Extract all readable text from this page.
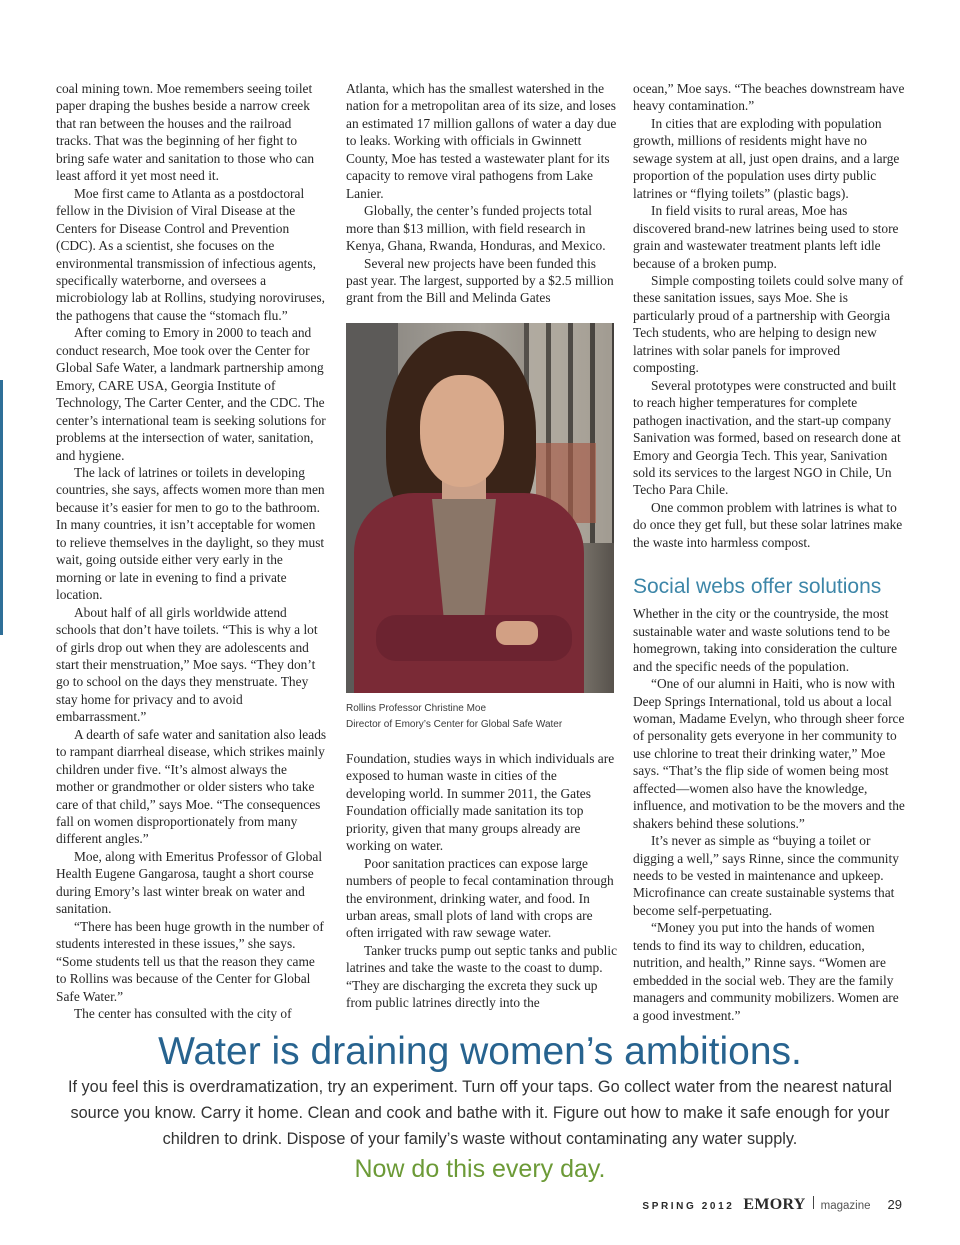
coal mining town. Moe remembers seeing toilet paper draping the bushes beside a narrow creek that ran between the houses and the railroad tracks. That was the beginning of her fight to bring safe water and sanitation to those who can least afford it yet most need it.

Moe first came to Atlanta as a postdoctoral fellow in the Division of Viral Disease at the Centers for Disease Control and Prevention (CDC). As a scientist, she focuses on the environmental transmission of infectious agents, specifically waterborne, and oversees a microbiology lab at Rollins, studying noroviruses, the pathogens that cause the “stomach flu.”

After coming to Emory in 2000 to teach and conduct research, Moe took over the Center for Global Safe Water, a landmark partnership among Emory, CARE USA, Georgia Institute of Technology, The Carter Center, and the CDC. The center’s international team is seeking solutions for problems at the intersection of water, sanitation, and hygiene.

The lack of latrines or toilets in developing countries, she says, affects women more than men because it’s easier for men to go to the bathroom. In many countries, it isn’t acceptable for women to relieve themselves in the daylight, so they must wait, going outside either very early in the morning or late in evening to find a private location.

About half of all girls worldwide attend schools that don’t have toilets. “This is why a lot of girls drop out when they are adolescents and start their menstruation,” Moe says. “They don’t go to school on the days they menstruate. They stay home for privacy and to avoid embarrassment.”

A dearth of safe water and sanitation also leads to rampant diarrheal disease, which strikes mainly children under five. “It’s almost always the mother or grandmother or older sisters who take care of that child,” says Moe. “The consequences fall on women disproportionately from many different angles.”

Moe, along with Emeritus Professor of Global Health Eugene Gangarosa, taught a short course during Emory’s last winter break on water and sanitation.

“There has been huge growth in the number of students interested in these issues,” she says. “Some students tell us that the reason they came to Rollins was because of the Center for Global Safe Water.”

The center has consulted with the city of

Atlanta, which has the smallest watershed in the nation for a metropolitan area of its size, and loses an estimated 17 million gallons of water a day due to leaks. Working with officials in Gwinnett County, Moe has tested a wastewater plant for its capacity to remove viral pathogens from Lake Lanier.

Globally, the center’s funded projects total more than $13 million, with field research in Kenya, Ghana, Rwanda, Honduras, and Mexico.

Several new projects have been funded this past year. The largest, supported by a $2.5 million grant from the Bill and Melinda Gates

Rollins Professor Christine Moe
Director of Emory’s Center for Global Safe Water

Foundation, studies ways in which individuals are exposed to human waste in cities of the developing world. In summer 2011, the Gates Foundation officially made sanitation its top priority, given that many groups already are working on water.

Poor sanitation practices can expose large numbers of people to fecal contamination through the environment, drinking water, and food. In urban areas, small plots of land with crops are often irrigated with raw sewage water.

Tanker trucks pump out septic tanks and public latrines and take the waste to the coast to dump. “They are discharging the excreta they suck up from public latrines directly into the

ocean,” Moe says. “The beaches downstream have heavy contamination.”

In cities that are exploding with population growth, millions of residents might have no sewage system at all, just open drains, and a large proportion of the population uses dirty public latrines or “flying toilets” (plastic bags).

In field visits to rural areas, Moe has discovered brand-new latrines being used to store grain and wastewater treatment plants left idle because of a broken pump.

Simple composting toilets could solve many of these sanitation issues, says Moe. She is particularly proud of a partnership with Georgia Tech students, who are helping to design new latrines with solar panels for improved composting.

Several prototypes were constructed and built to reach higher temperatures for complete pathogen inactivation, and the start-up company Sanivation was formed, based on research done at Emory and Georgia Tech. This year, Sanivation sold its services to the largest NGO in Chile, Un Techo Para Chile.

One common problem with latrines is what to do once they get full, but these solar latrines make the waste into harmless compost.

Social webs offer solutions

Whether in the city or the countryside, the most sustainable water and waste solutions tend to be homegrown, taking into consideration the culture and the specific needs of the population.

“One of our alumni in Haiti, who is now with Deep Springs International, told us about a local woman, Madame Evelyn, who through sheer force of personality gets everyone in her community to use chlorine to treat their drinking water,” Moe says. “That’s the flip side of women being most affected—women also have the knowledge, influence, and motivation to be the movers and the shakers behind these solutions.”

It’s never as simple as “buying a toilet or digging a well,” says Rinne, since the community needs to be vested in maintenance and upkeep. Microfinance can create sustainable systems that become self-perpetuating.

“Money you put into the hands of women tends to find its way to children, education, nutrition, and health,” Rinne says. “Women are embedded in the social web. They are the family managers and community mobilizers. Women are a good investment.”

Water is draining women’s ambitions.

If you feel this is overdramatization, try an experiment. Turn off your taps. Go collect water from the nearest natural source you know. Carry it home. Clean and cook and bathe with it. Figure out how to make it safe enough for your children to drink. Dispose of your family’s waste without contaminating any water supply.

Now do this every day.

SPRING 2012 EMORY magazine 29
